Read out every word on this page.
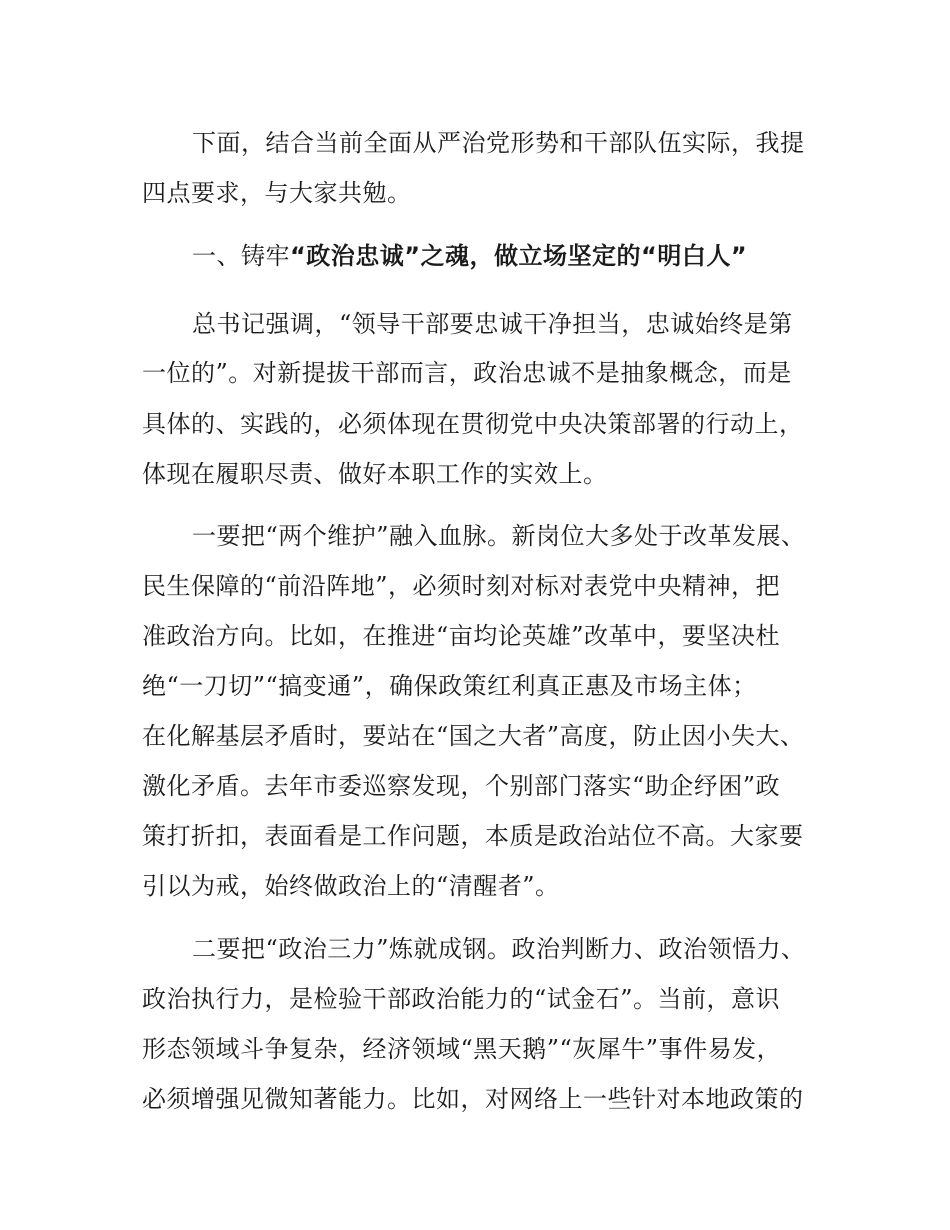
下面，结合当前全面从严治党形势和干部队伍实际，我提

四点要求，与大家共勉。

一、铸牢“政治忠诚”之魂，做立场坚定的“明白人”

总书记强调，“领导干部要忠诚干净担当，忠诚始终是第

一位的”。对新提拔干部而言，政治忠诚不是抽象概念，而是

具体的、实践的，必须体现在贯彻党中央决策部署的行动上，

体现在履职尽责、做好本职工作的实效上。

一要把“两个维护”融入血脉。新岗位大多处于改革发展、

民生保障的“前沿阵地”，必须时刻对标对表党中央精神，把

准政治方向。比如，在推进“亩均论英雄”改革中，要坚决杜

绝“一刀切”“搞变通”，确保政策红利真正惠及市场主体；

在化解基层矛盾时，要站在“国之大者”高度，防止因小失大、

激化矛盾。去年市委巡察发现，个别部门落实“助企纾困”政

策打折扣，表面看是工作问题，本质是政治站位不高。大家要

引以为戒，始终做政治上的“清醒者”。

二要把“政治三力”炼就成钢。政治判断力、政治领悟力、

政治执行力，是检验干部政治能力的“试金石”。当前，意识

形态领域斗争复杂，经济领域“黑天鹅”“灰犀牛”事件易发，

必须增强见微知著能力。比如，对网络上一些针对本地政策的
